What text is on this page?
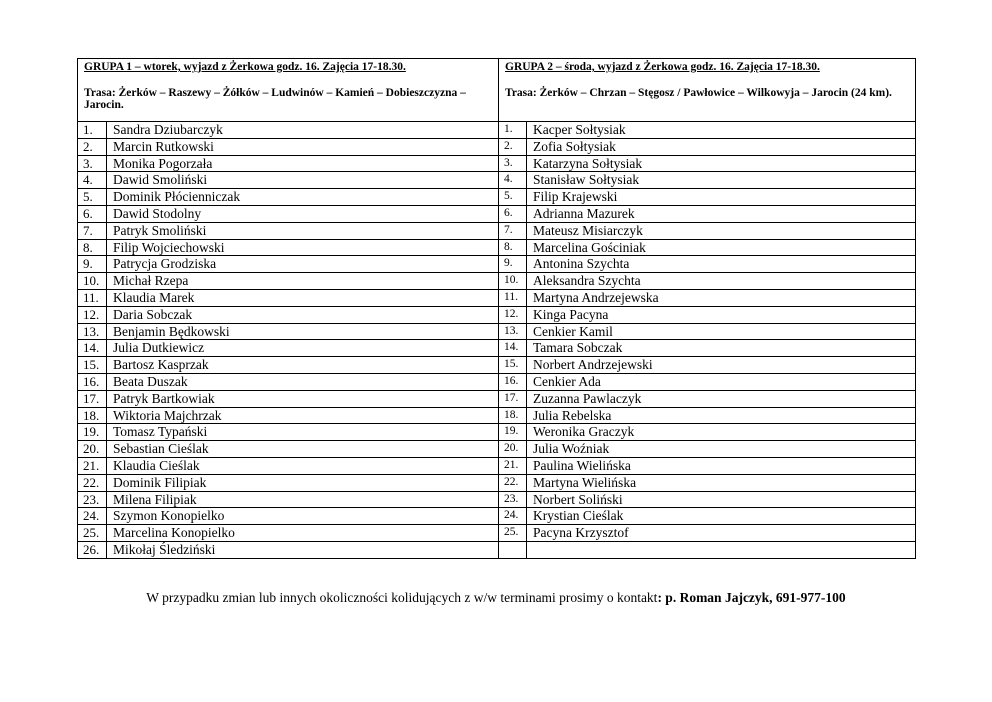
GRUPA 1 – wtorek, wyjazd z Żerkowa godz. 16. Zajęcia 17-18.30.
Trasa: Żerków – Raszewy – Żółków – Ludwinów – Kamień – Dobieszczyzna – Jarocin.
1.	Sandra Dziubarczyk
2.	Marcin Rutkowski
3.	Monika Pogorzała
4.	Dawid Smoliński
5.	Dominik Płócienniczak
6.	Dawid Stodolny
7.	Patryk Smoliński
8.	Filip Wojciechowski
9.	Patrycja Grodziska
10.	Michał Rzepa
11.	Klaudia Marek
12.	Daria Sobczak
13.	Benjamin Będkowski
14.	Julia Dutkiewicz
15.	Bartosz Kasprzak
16.	Beata Duszak
17.	Patryk Bartkowiak
18.	Wiktoria Majchrzak
19.	Tomasz Typański
20.	Sebastian Cieślak
21.	Klaudia Cieślak
22.	Dominik Filipiak
23.	Milena Filipiak
24.	Szymon Konopielko
25.	Marcelina Konopielko
26.	Mikołaj Śledziński
GRUPA 2 – środa, wyjazd z Żerkowa godz. 16. Zajęcia 17-18.30.
Trasa: Żerków – Chrzan – Stęgosz / Pawłowice – Wilkowyja – Jarocin (24 km).
1.	Kacper Sołtysiak
2.	Zofia Sołtysiak
3.	Katarzyna Sołtysiak
4.	Stanisław Sołtysiak
5.	Filip Krajewski
6.	Adrianna Mazurek
7.	Mateusz Misiarczyk
8.	Marcelina Gościniak
9.	Antonina Szychta
10.	Aleksandra Szychta
11.	Martyna Andrzejewska
12.	Kinga Pacyna
13.	Cenkier Kamil
14.	Tamara Sobczak
15.	Norbert Andrzejewski
16.	Cenkier Ada
17.	Zuzanna Pawlaczyk
18.	Julia Rebelska
19.	Weronika Graczyk
20.	Julia Woźniak
21.	Paulina Wielińska
22.	Martyna Wielińska
23.	Norbert Soliński
24.	Krystian Cieślak
25.	Pacyna Krzysztof
W przypadku zmian lub innych okoliczności kolidujących z w/w terminami prosimy o kontakt: p. Roman Jajczyk, 691-977-100
